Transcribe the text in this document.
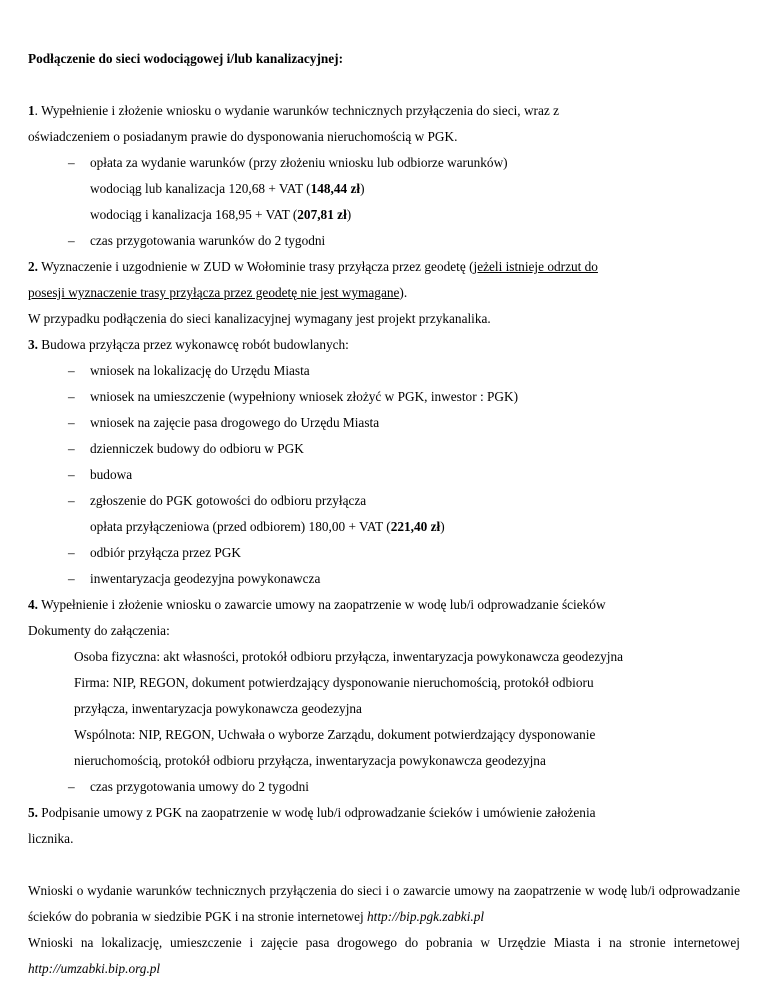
Podłączenie do sieci wodociągowej i/lub kanalizacyjnej:
1. Wypełnienie i złożenie wniosku o wydanie warunków technicznych przyłączenia do sieci, wraz z
oświadczeniem o posiadanym prawie do dysponowania nieruchomością w PGK.
– opłata za wydanie warunków (przy złożeniu wniosku lub odbiorze warunków)
wodociąg lub kanalizacja 120,68 + VAT (148,44 zł)
wodociąg i kanalizacja 168,95 + VAT (207,81 zł)
– czas przygotowania warunków do 2 tygodni
2. Wyznaczenie i uzgodnienie w ZUD w Wołominie trasy przyłącza przez geodetę (jeżeli istnieje odrzut do
posesji wyznaczenie trasy przyłącza przez geodetę nie jest wymagane).
W przypadku podłączenia do sieci kanalizacyjnej wymagany jest projekt przykanalika.
3. Budowa przyłącza przez wykonawcę robót budowlanych:
– wniosek na lokalizację do Urzędu Miasta
– wniosek na umieszczenie (wypełniony wniosek złożyć w PGK, inwestor : PGK)
– wniosek na zajęcie pasa drogowego do Urzędu Miasta
– dzienniczek budowy do odbioru w PGK
– budowa
– zgłoszenie do PGK gotowości do odbioru przyłącza
opłata przyłączeniowa (przed odbiorem) 180,00 + VAT (221,40 zł)
– odbiór przyłącza przez PGK
– inwentaryzacja geodezyjna powykonawcza
4. Wypełnienie i złożenie wniosku o zawarcie umowy na zaopatrzenie w wodę lub/i odprowadzanie ścieków
Dokumenty do załączenia:
Osoba fizyczna: akt własności, protokół odbioru przyłącza, inwentaryzacja powykonawcza geodezyjna
Firma: NIP, REGON, dokument potwierdzający dysponowanie nieruchomością, protokół odbioru
przyłącza, inwentaryzacja powykonawcza geodezyjna
Wspólnota: NIP, REGON, Uchwała o wyborze Zarządu, dokument potwierdzający dysponowanie
nieruchomością, protokół odbioru przyłącza, inwentaryzacja powykonawcza geodezyjna
– czas przygotowania umowy do 2 tygodni
5. Podpisanie umowy z PGK na zaopatrzenie w wodę lub/i odprowadzanie ścieków i umówienie założenia
licznika.
Wnioski o wydanie warunków technicznych przyłączenia do sieci i o zawarcie umowy na zaopatrzenie w wodę lub/i odprowadzanie ścieków do pobrania w siedzibie PGK i na stronie internetowej http://bip.pgk.zabki.pl
Wnioski na lokalizację, umieszczenie i zajęcie pasa drogowego do pobrania w Urzędzie Miasta i na stronie internetowej http://umzabki.bip.org.pl
